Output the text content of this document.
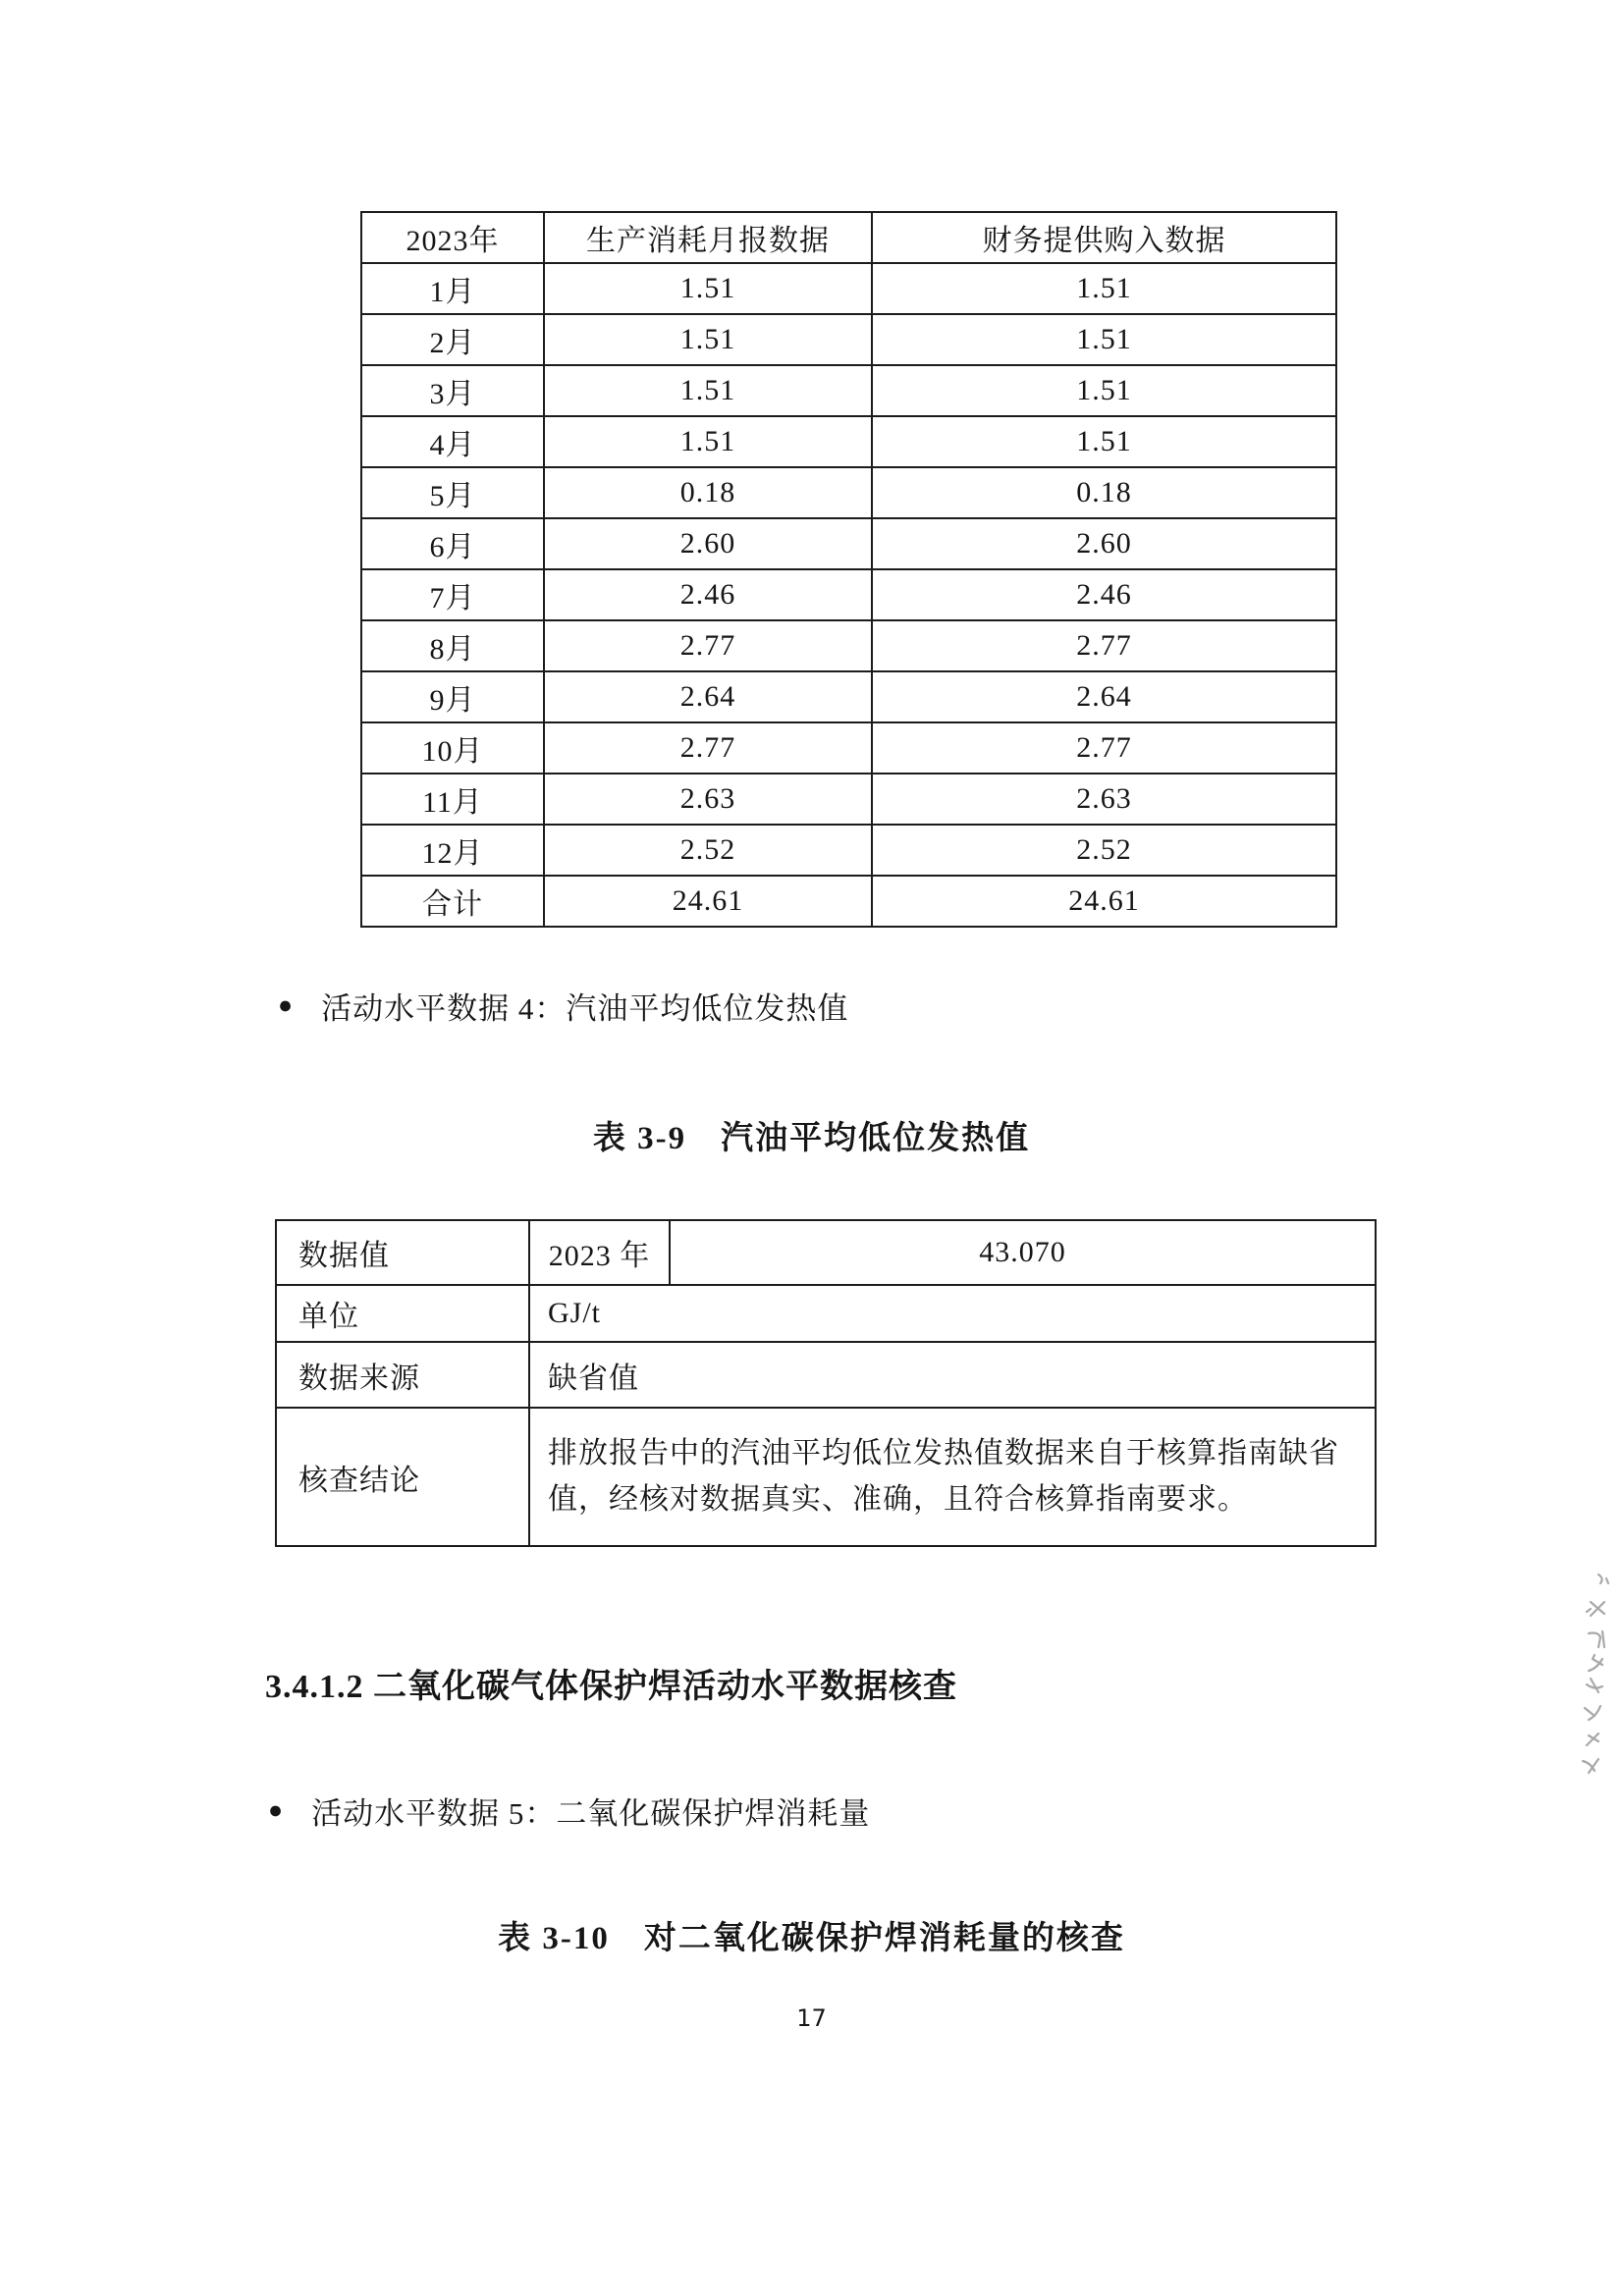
2023年	生产消耗月报数据	财务提供购入数据
1月	1.51	1.51
2月	1.51	1.51
3月	1.51	1.51
4月	1.51	1.51
5月	0.18	0.18
6月	2.60	2.60
7月	2.46	2.46
8月	2.77	2.77
9月	2.64	2.64
10月	2.77	2.77
11月	2.63	2.63
12月	2.52	2.52
合计	24.61	24.61
● 活动水平数据 4：汽油平均低位发热值
表 3-9　汽油平均低位发热值
数据值	2023 年	43.070
单位	GJ/t	
数据来源	缺省值	
核查结论	排放报告中的汽油平均低位发热值数据来自于核算指南缺省值，经核对数据真实、准确，且符合核算指南要求。	
3.4.1.2 二氧化碳气体保护焊活动水平数据核查
● 活动水平数据 5：二氧化碳保护焊消耗量
表 3-10　对二氧化碳保护焊消耗量的核查
17
